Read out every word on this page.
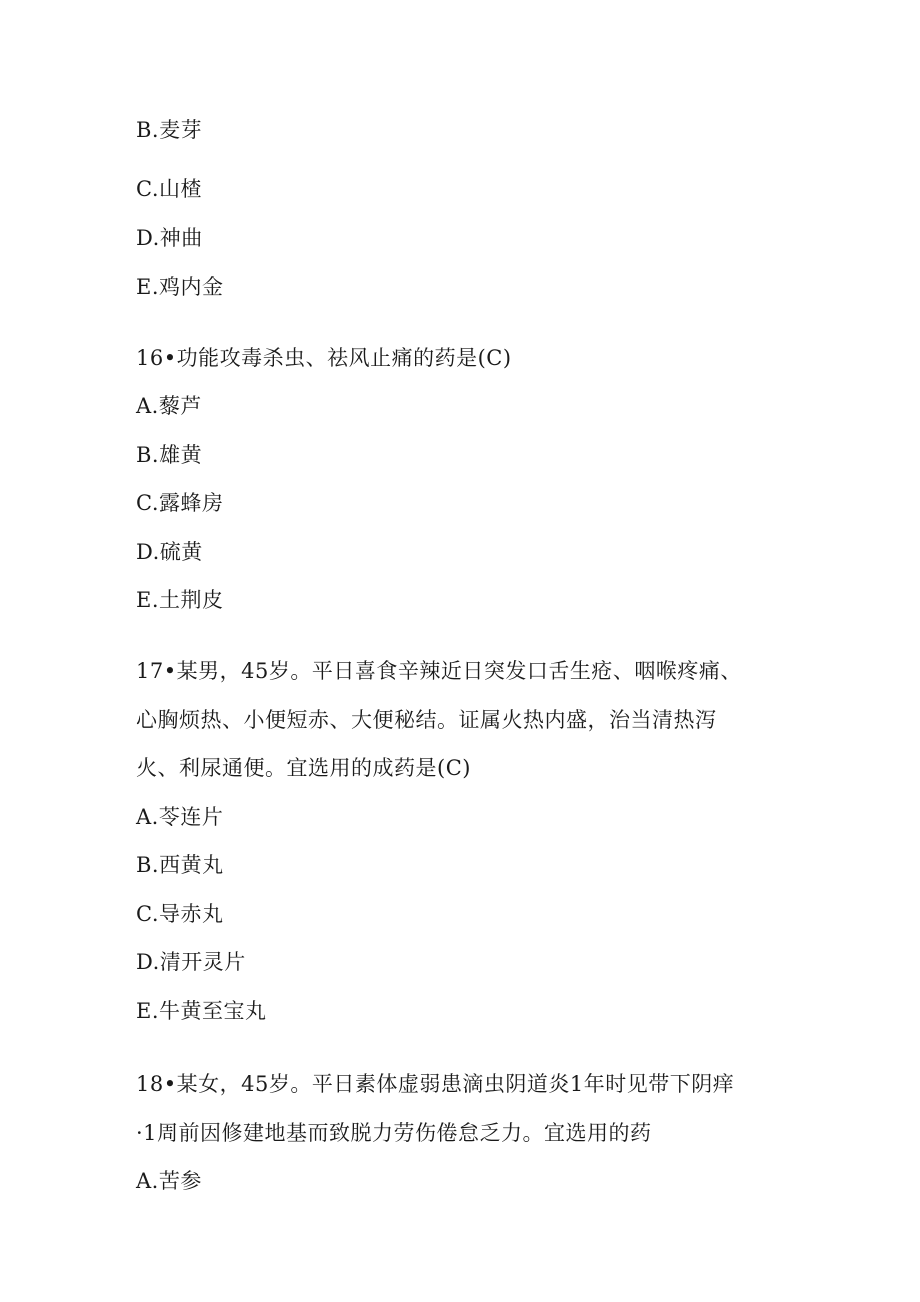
B.麦芽
C.山楂
D.神曲
E.鸡内金
16•功能攻毒杀虫、祛风止痛的药是(C)
A.藜芦
B.雄黄
C.露蜂房
D.硫黄
E.土荆皮
17•某男，45岁。平日喜食辛辣近日突发口舌生疮、咽喉疼痛、
心胸烦热、小便短赤、大便秘结。证属火热内盛，治当清热泻
火、利尿通便。宜选用的成药是(C)
A.苓连片
B.西黄丸
C.导赤丸
D.清开灵片
E.牛黄至宝丸
18•某女，45岁。平日素体虚弱患滴虫阴道炎1年时见带下阴痒
·1周前因修建地基而致脱力劳伤倦怠乏力。宜选用的药
A.苦参
